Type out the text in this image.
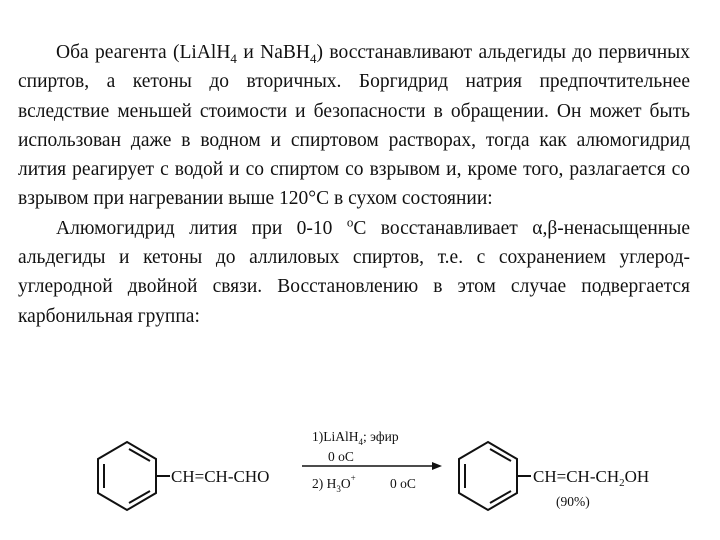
Оба реагента (LiAlH$_4$ и NaBH$_4$) восстанавливают альдегиды до первичных спиртов, а кетоны до вторичных. Боргидрид натрия предпочтительнее вследствие меньшей стоимости и безопасности в обращении. Он может быть использован даже в водном и спиртовом растворах, тогда как алюмогидрид лития реагирует с водой и со спиртом со взрывом и, кроме того, разлагается со взрывом при нагревании выше 120°С в сухом состоянии:

Алюмогидрид лития при 0-10 $^о$С восстанавливает α,β-ненасыщенные альдегиды и кетоны до аллиловых спиртов, т.е. с сохранением углерод-углеродной двойной связи. Восстановлению в этом случае подвергается карбонильная группа:

CH=CH-CHO
1)LiAlH$_4$; эфир
0 оС
2) $H_3O^+$	0 оС	$CH=CH-CH_2OH$
(90%)
